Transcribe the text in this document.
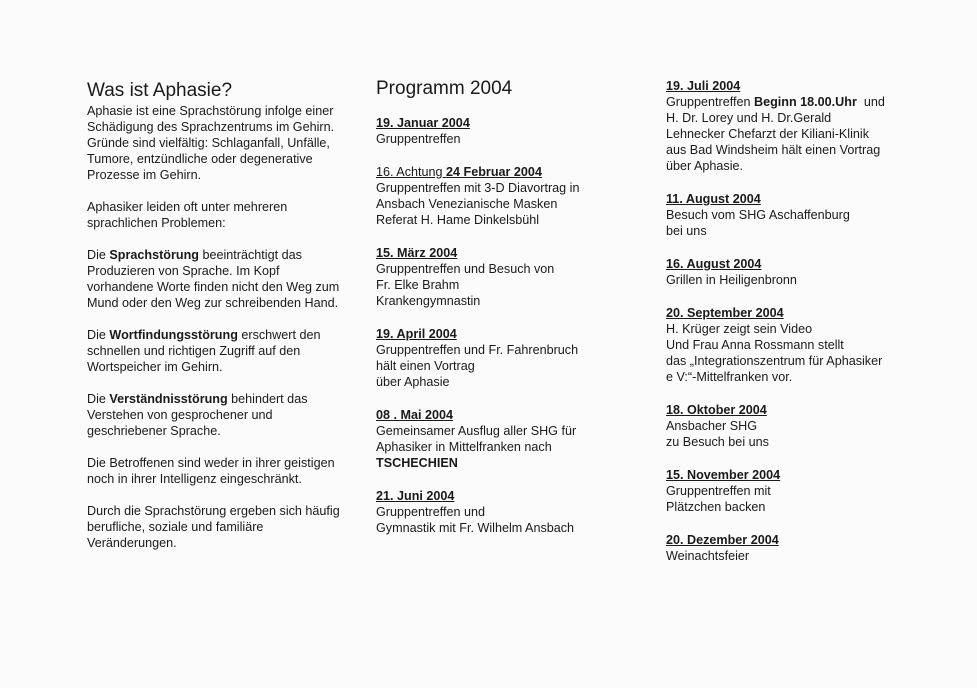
Was ist Aphasie?

Aphasie ist eine Sprachstörung infolge einer Schädigung des Sprachzentrums im Gehirn. Gründe sind vielfältig: Schlaganfall, Unfälle, Tumore, entzündliche oder degenerative Prozesse im Gehirn.

Aphasiker leiden oft unter mehreren sprachlichen Problemen:

Die Sprachstörung beeinträchtigt das Produzieren von Sprache. Im Kopf vorhandene Worte finden nicht den Weg zum Mund oder den Weg zur schreibenden Hand.

Die Wortfindungsstörung erschwert den schnellen und richtigen Zugriff auf den Wortspeicher im Gehirn.

Die Verständnisstörung behindert das Verstehen von gesprochener und geschriebener Sprache.

Die Betroffenen sind weder in ihrer geistigen noch in ihrer Intelligenz eingeschränkt.

Durch die Sprachstörung ergeben sich häufig berufliche, soziale und familiäre Veränderungen.

Programm 2004
19. Januar 2004
Gruppentreffen
16. Achtung 24 Februar 2004
Gruppentreffen mit 3-D Diavortrag in
Ansbach Venezianische Masken
Referat H. Hame Dinkelsbühl
15. März 2004
Gruppentreffen und Besuch von
Fr. Elke Brahm
Krankengymnastin
19. April 2004
Gruppentreffen und Fr. Fahrenbruch
hält einen Vortrag
über Aphasie
08 . Mai 2004
Gemeinsamer Ausflug aller SHG für
Aphasiker in Mittelfranken nach
TSCHECHIEN
21. Juni 2004
Gruppentreffen und
Gymnastik mit Fr. Wilhelm Ansbach
19. Juli 2004
Gruppentreffen Beginn 18.00.Uhr  und
H. Dr. Lorey und H. Dr.Gerald
Lehnecker Chefarzt der Kiliani-Klinik
aus Bad Windsheim hält einen Vortrag
über Aphasie.
11. August 2004
Besuch vom SHG Aschaffenburg
bei uns
16. August 2004
Grillen in Heiligenbronn
20. September 2004
H. Krüger zeigt sein Video
Und Frau Anna Rossmann stellt
das „Integrationszentrum für Aphasiker
e V:“-Mittelfranken vor.
18. Oktober 2004
Ansbacher SHG
zu Besuch bei uns
15. November 2004
Gruppentreffen mit
Plätzchen backen
20. Dezember 2004
Weinachtsfeier
